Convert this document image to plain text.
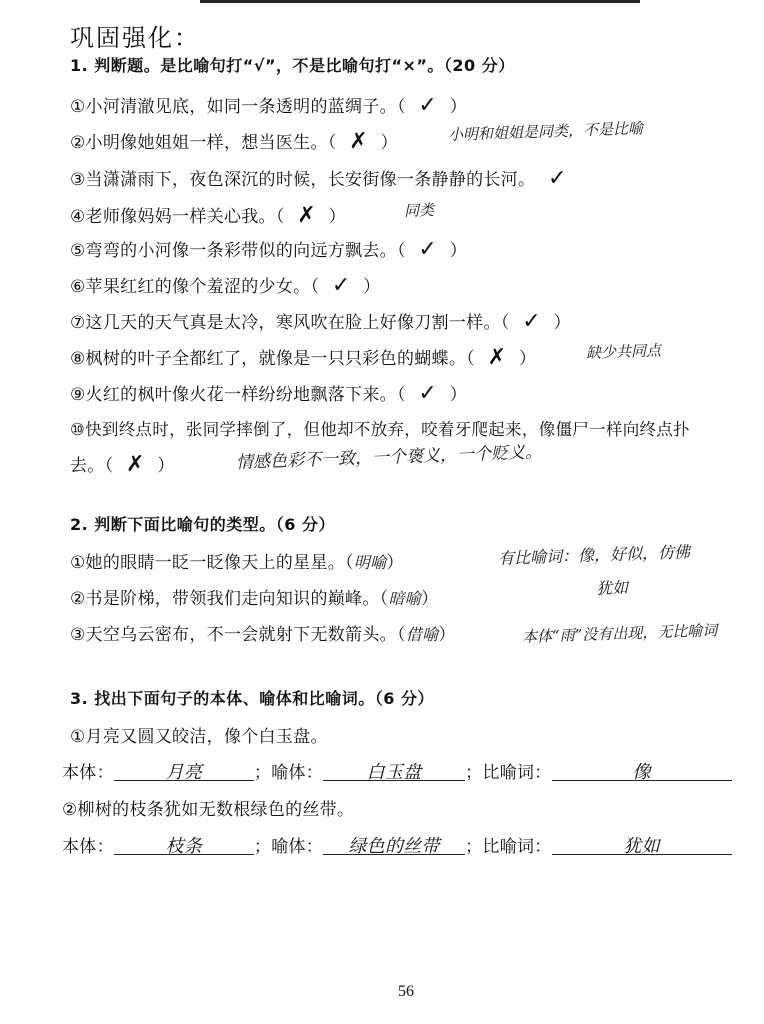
巩固强化：
1. 判断题。是比喻句打“√”，不是比喻句打“×”。（20 分）
①小河清澈见底，如同一条透明的蓝绸子。（ ✓ ）
②小明像她姐姐一样，想当医生。（ ✗ ）	小明和姐姐是同类，不是比喻
③当潇潇雨下，夜色深沉的时候，长安街像一条静静的长河。 ✓
④老师像妈妈一样关心我。（ ✗ ）	同类
⑤弯弯的小河像一条彩带似的向远方飘去。（ ✓ ）
⑥苹果红红的像个羞涩的少女。（ ✓ ）
⑦这几天的天气真是太冷，寒风吹在脸上好像刀割一样。（ ✓ ）
⑧枫树的叶子全都红了，就像是一只只彩色的蝴蝶。（ ✗ ）	缺少共同点
⑨火红的枫叶像火花一样纷纷地飘落下来。（ ✓ ）
⑩快到终点时，张同学摔倒了，但他却不放弃，咬着牙爬起来，像僵尸一样向终点扑
去。（ ✗ ）	情感色彩不一致，一个褒义，一个贬义。
2. 判断下面比喻句的类型。（6 分）
①她的眼睛一眨一眨像天上的星星。（明喻）	有比喻词：像，好似，仿佛
犹如
②书是阶梯，带领我们走向知识的巅峰。（暗喻）
③天空乌云密布，不一会就射下无数箭头。（借喻）	本体“雨”没有出现，无比喻词
3. 找出下面句子的本体、喻体和比喻词。（6 分）
①月亮又圆又皎洁，像个白玉盘。
本体：	月亮	；喻体： 白玉盘	；比喻词：	像
②柳树的枝条犹如无数根绿色的丝带。
本体：	枝条	；喻体： 绿色的丝带 ；比喻词：	犹如
56
